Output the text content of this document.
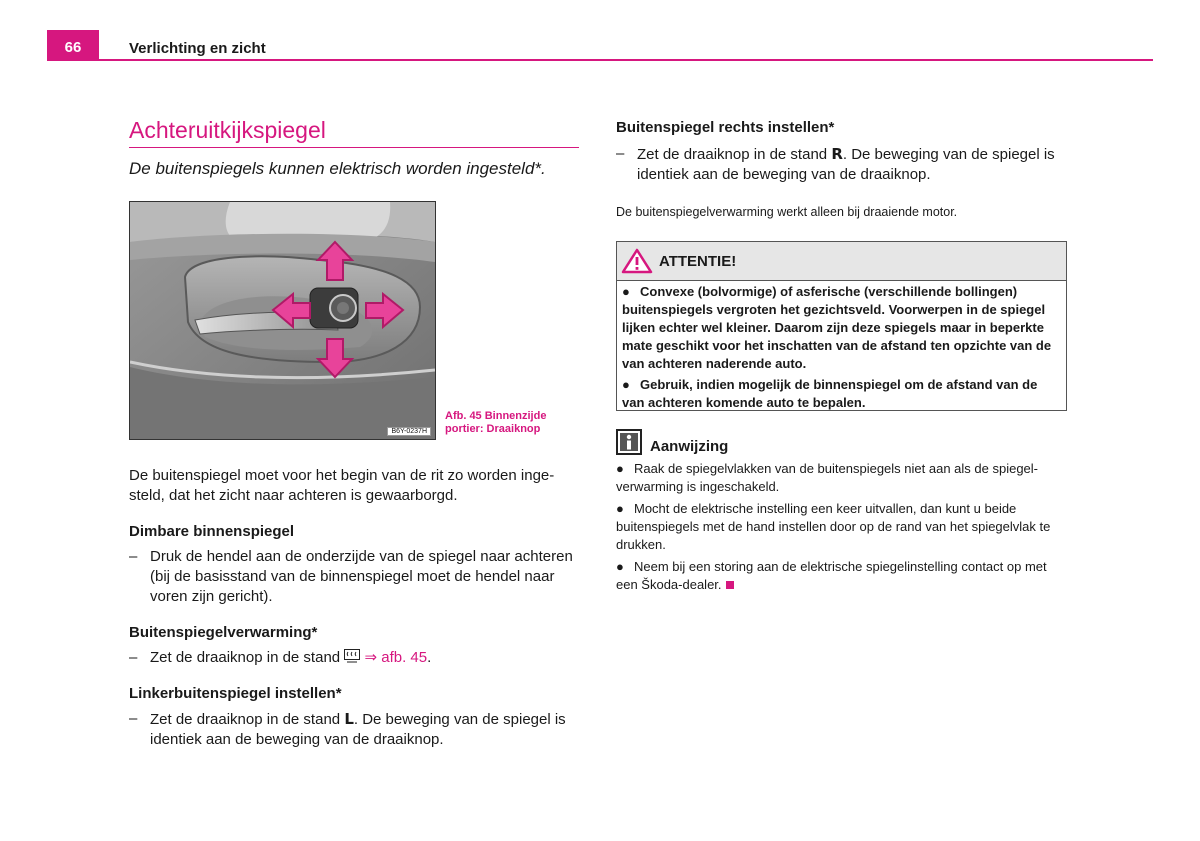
66	Verlichting en zicht
Achteruitkijkspiegel
De buitenspiegels kunnen elektrisch worden ingesteld*.
B6Y-0237H
Afb. 45 Binnenzijde
portier: Draaiknop
De buitenspiegel moet voor het begin van de rit zo worden inge-steld, dat het zicht naar achteren is gewaarborgd.
Dimbare binnenspiegel
– Druk de hendel aan de onderzijde van de spiegel naar achteren (bij de basisstand van de binnenspiegel moet de hendel naar voren zijn gericht).
Buitenspiegelverwarming*
– Zet de draaiknop in de stand ⇒ afb. 45.
Linkerbuitenspiegel instellen*
– Zet de draaiknop in de stand L. De beweging van de spiegel is identiek aan de beweging van de draaiknop.
Buitenspiegel rechts instellen*
– Zet de draaiknop in de stand R. De beweging van de spiegel is identiek aan de beweging van de draaiknop.
De buitenspiegelverwarming werkt alleen bij draaiende motor.
ATTENTIE!

● Convexe (bolvormige) of asferische (verschillende bollingen) buitenspiegels vergroten het gezichtsveld. Voorwerpen in de spiegel lijken echter wel kleiner. Daarom zijn deze spiegels maar in beperkte mate geschikt voor het inschatten van de afstand ten opzichte van de van achteren naderende auto.

● Gebruik, indien mogelijk de binnenspiegel om de afstand van de van achteren komende auto te bepalen.

Aanwijzing

● Raak de spiegelvlakken van de buitenspiegels niet aan als de spiegel-verwarming is ingeschakeld.

● Mocht de elektrische instelling een keer uitvallen, dan kunt u beide buitenspiegels met de hand instellen door op de rand van het spiegelvlak te drukken.

● Neem bij een storing aan de elektrische spiegelinstelling contact op met een Škoda-dealer.
